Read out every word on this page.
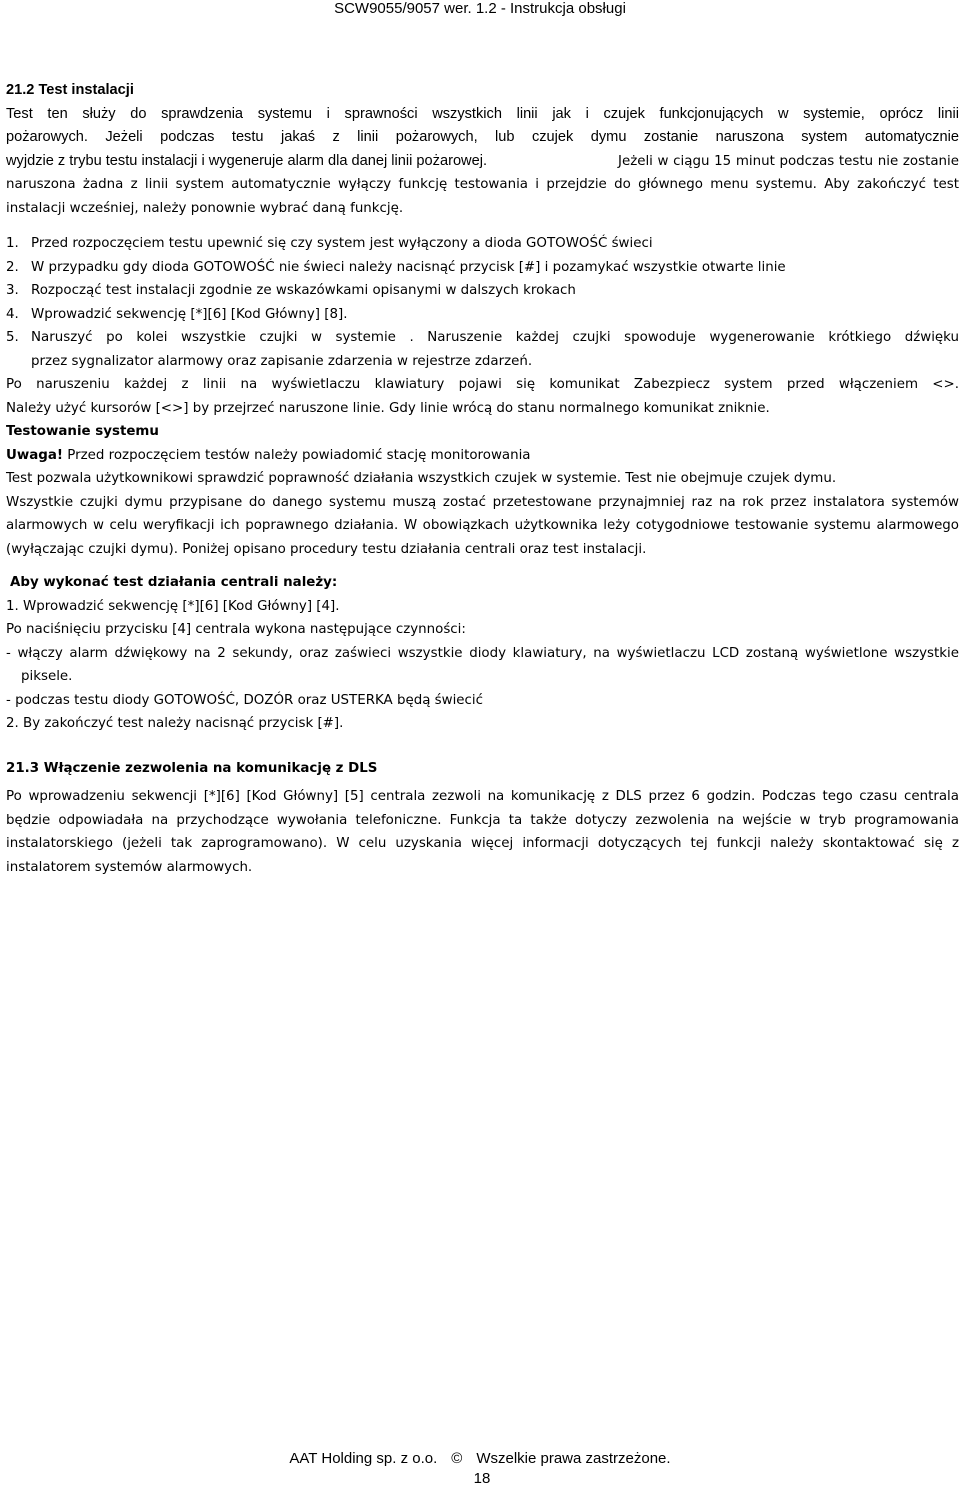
SCW9055/9057 wer. 1.2 - Instrukcja obsługi

21.2 Test instalacji

Test ten służy do sprawdzenia systemu i sprawności wszystkich linii jak i czujek funkcjonujących w systemie, oprócz linii

pożarowych. Jeżeli podczas testu jakaś z linii pożarowych, lub czujek dymu zostanie naruszona system automatycznie

wyjdzie z trybu testu instalacji i wygeneruje alarm dla danej linii pożarowej.	Jeżeli w ciągu 15 minut podczas testu nie zostanie naruszona żadna z linii system automatycznie wyłączy funkcję testowania i przejdzie do głównego menu systemu. Aby zakończyć test instalacji wcześniej, należy ponownie wybrać daną funkcję.

1. Przed rozpoczęciem testu upewnić się czy system jest wyłączony a dioda GOTOWOŚĆ świeci
2. W przypadku gdy dioda GOTOWOŚĆ nie świeci należy nacisnąć przycisk [#] i pozamykać wszystkie otwarte linie
3. Rozpocząć test instalacji zgodnie ze wskazówkami opisanymi w dalszych krokach
4. Wprowadzić sekwencję [*][6] [Kod Główny] [8].
5. Naruszyć po kolei wszystkie czujki w systemie . Naruszenie każdej czujki spowoduje wygenerowanie krótkiego dźwięku

przez sygnalizator alarmowy oraz zapisanie zdarzenia w rejestrze zdarzeń.

Po naruszeniu każdej z linii na wyświetlaczu klawiatury pojawi się komunikat Zabezpiecz system przed włączeniem <>.

Należy użyć kursorów [<>] by przejrzeć naruszone linie. Gdy linie wrócą do stanu normalnego komunikat zniknie.

Testowanie systemu

Uwaga! Przed rozpoczęciem testów należy powiadomić stację monitorowania

Test pozwala użytkownikowi sprawdzić poprawność działania wszystkich czujek w systemie. Test nie obejmuje czujek dymu.

Wszystkie czujki dymu przypisane do danego systemu muszą zostać przetestowane przynajmniej raz na rok przez instalatora systemów alarmowych w celu weryfikacji ich poprawnego działania. W obowiązkach użytkownika leży cotygodniowe testowanie systemu alarmowego (wyłączając czujki dymu). Poniżej opisano procedury testu działania centrali oraz test instalacji.

Aby wykonać test działania centrali należy:

1. Wprowadzić sekwencję [*][6] [Kod Główny] [4].

Po naciśnięciu przycisku [4] centrala wykona następujące czynności:

- włączy alarm dźwiękowy na 2 sekundy, oraz zaświeci wszystkie diody klawiatury, na wyświetlaczu LCD zostaną wyświetlone wszystkie piksele.

- podczas testu diody GOTOWOŚĆ, DOZÓR oraz USTERKA będą świecić

2. By zakończyć test należy nacisnąć przycisk [#].

21.3 Włączenie zezwolenia na komunikację z DLS

Po wprowadzeniu sekwencji [*][6] [Kod Główny] [5] centrala zezwoli na komunikację z DLS przez 6 godzin. Podczas tego czasu centrala będzie odpowiadała na przychodzące wywołania telefoniczne. Funkcja ta także dotyczy zezwolenia na wejście w tryb programowania instalatorskiego (jeżeli tak zaprogramowano). W celu uzyskania więcej informacji dotyczących tej funkcji należy skontaktować się z instalatorem systemów alarmowych.

AAT Holding sp. z o.o. © Wszelkie prawa zastrzeżone.
18
